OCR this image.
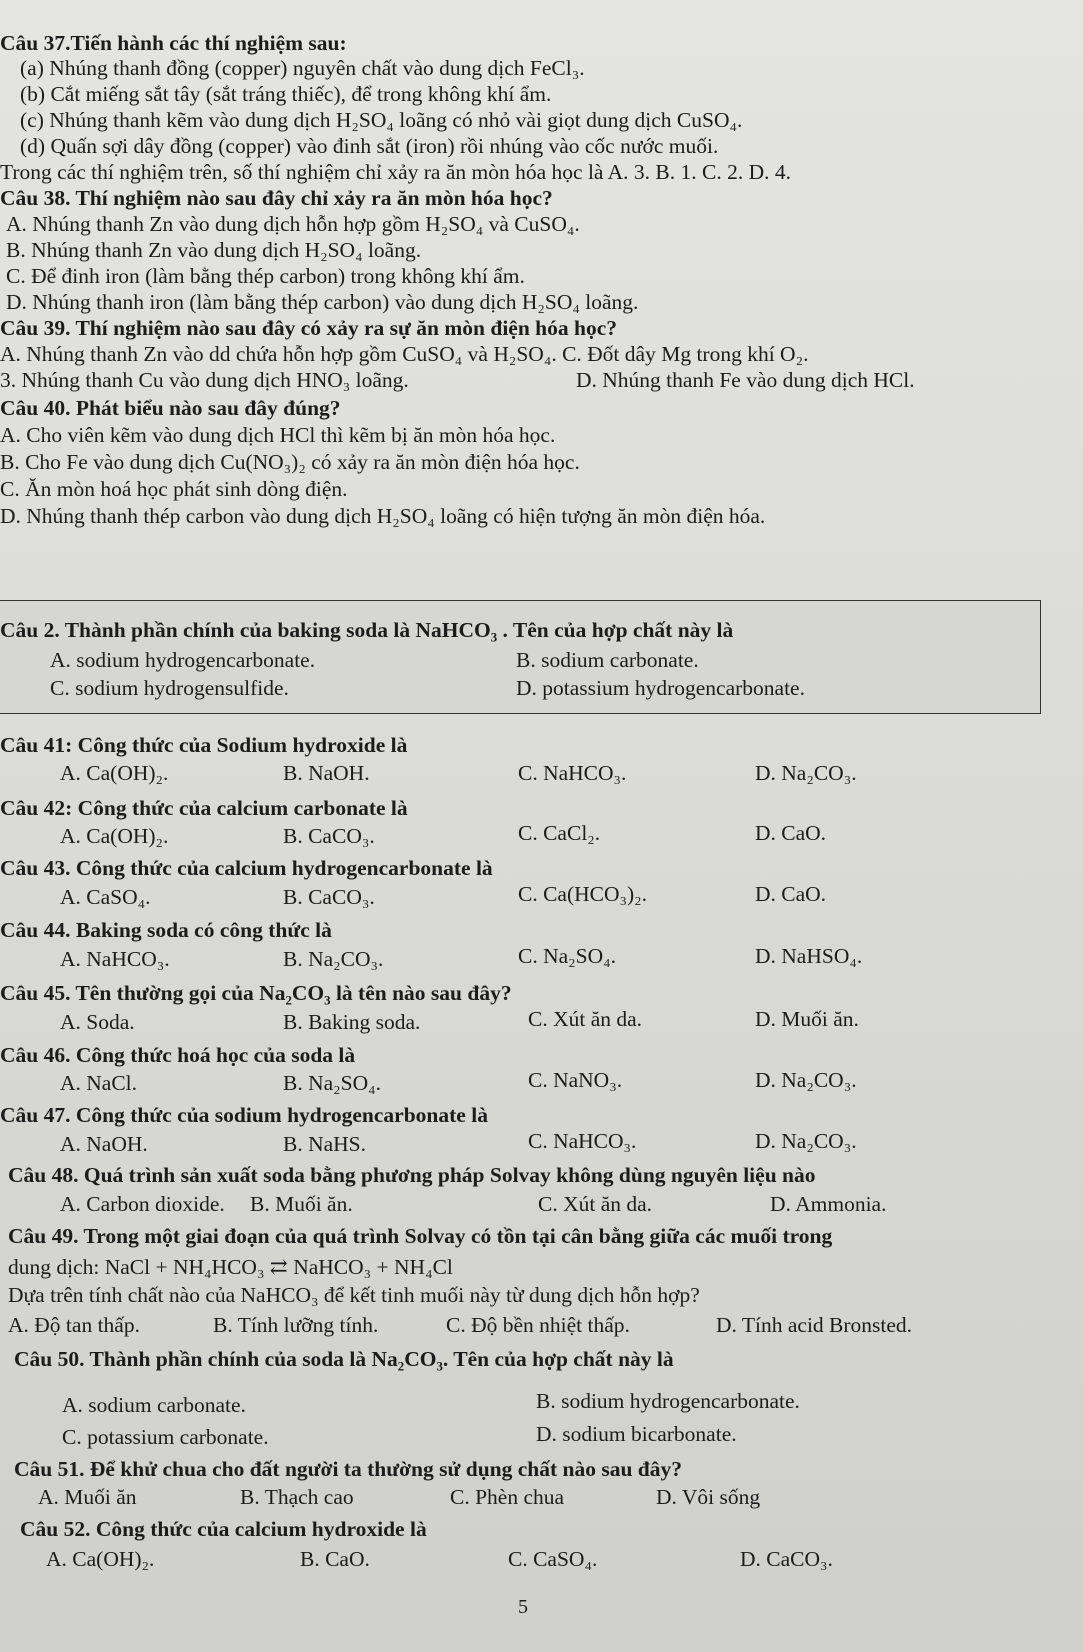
Câu 37.Tiến hành các thí nghiệm sau:
(a) Nhúng thanh đồng (copper) nguyên chất vào dung dịch FeCl₃.
(b) Cắt miếng sắt tây (sắt tráng thiếc), để trong không khí ẩm.
(c) Nhúng thanh kẽm vào dung dịch H₂SO₄ loãng có nhỏ vài giọt dung dịch CuSO₄.
(d) Quấn sợi dây đồng (copper) vào đinh sắt (iron) rồi nhúng vào cốc nước muối.
Trong các thí nghiệm trên, số thí nghiệm chỉ xảy ra ăn mòn hóa học là A. 3. B. 1. C. 2. D. 4.
Câu 38. Thí nghiệm nào sau đây chỉ xảy ra ăn mòn hóa học?
A. Nhúng thanh Zn vào dung dịch hỗn hợp gồm H₂SO₄ và CuSO₄.
B. Nhúng thanh Zn vào dung dịch H₂SO₄ loãng.
C. Để đinh iron (làm bằng thép carbon) trong không khí ẩm.
D. Nhúng thanh iron (làm bằng thép carbon) vào dung dịch H₂SO₄ loãng.
Câu 39. Thí nghiệm nào sau đây có xảy ra sự ăn mòn điện hóa học?
A. Nhúng thanh Zn vào dd chứa hỗn hợp gồm CuSO₄ và H₂SO₄. C. Đốt dây Mg trong khí O₂.
3. Nhúng thanh Cu vào dung dịch HNO₃ loãng.	D. Nhúng thanh Fe vào dung dịch HCl.
Câu 40. Phát biểu nào sau đây đúng?
A. Cho viên kẽm vào dung dịch HCl thì kẽm bị ăn mòn hóa học.
B. Cho Fe vào dung dịch Cu(NO₃)₂ có xảy ra ăn mòn điện hóa học.
C. Ăn mòn hoá học phát sinh dòng điện.
D. Nhúng thanh thép carbon vào dung dịch H₂SO₄ loãng có hiện tượng ăn mòn điện hóa.
Câu 2. Thành phần chính của baking soda là NaHCO₃ . Tên của hợp chất này là
A. sodium hydrogencarbonate.	B. sodium carbonate.
C. sodium hydrogensulfide.	D. potassium hydrogencarbonate.
Câu 41: Công thức của Sodium hydroxide là
A. Ca(OH)₂.	B. NaOH.	C. NaHCO₃.	D. Na₂CO₃.
Câu 42: Công thức của calcium carbonate là
A. Ca(OH)₂.	B. CaCO₃.	C. CaCl₂.	D. CaO.
Câu 43. Công thức của calcium hydrogencarbonate là
A. CaSO₄.	B. CaCO₃.	C. Ca(HCO₃)₂.	D. CaO.
Câu 44. Baking soda có công thức là
A. NaHCO₃.	B. Na₂CO₃.	C. Na₂SO₄.	D. NaHSO₄.
Câu 45. Tên thường gọi của Na₂CO₃ là tên nào sau đây?
A. Soda.	B. Baking soda.	C. Xút ăn da.	D. Muối ăn.
Câu 46. Công thức hoá học của soda là
A. NaCl.	B. Na₂SO₄.	C. NaNO₃.	D. Na₂CO₃.
Câu 47. Công thức của sodium hydrogencarbonate là
A. NaOH.	B. NaHS.	C. NaHCO₃.	D. Na₂CO₃.
Câu 48. Quá trình sản xuất soda bằng phương pháp Solvay không dùng nguyên liệu nào
A. Carbon dioxide. B. Muối ăn.	C. Xút ăn da.	D. Ammonia.
Câu 49. Trong một giai đoạn của quá trình Solvay có tồn tại cân bằng giữa các muối trong
dung dịch: NaCl + NH₄HCO₃ ⇄ NaHCO₃ + NH₄Cl
Dựa trên tính chất nào của NaHCO₃ để kết tinh muối này từ dung dịch hỗn hợp?
A. Độ tan thấp.	B. Tính lưỡng tính.	C. Độ bền nhiệt thấp.	D. Tính acid Bronsted.
Câu 50. Thành phần chính của soda là Na₂CO₃. Tên của hợp chất này là
A. sodium carbonate.	B. sodium hydrogencarbonate.
C. potassium carbonate.	D. sodium bicarbonate.
Câu 51. Để khử chua cho đất người ta thường sử dụng chất nào sau đây?
A. Muối ăn	B. Thạch cao	C. Phèn chua	D. Vôi sống
Câu 52. Công thức của calcium hydroxide là
A. Ca(OH)₂.	B. CaO.	C. CaSO₄.	D. CaCO₃.
5
